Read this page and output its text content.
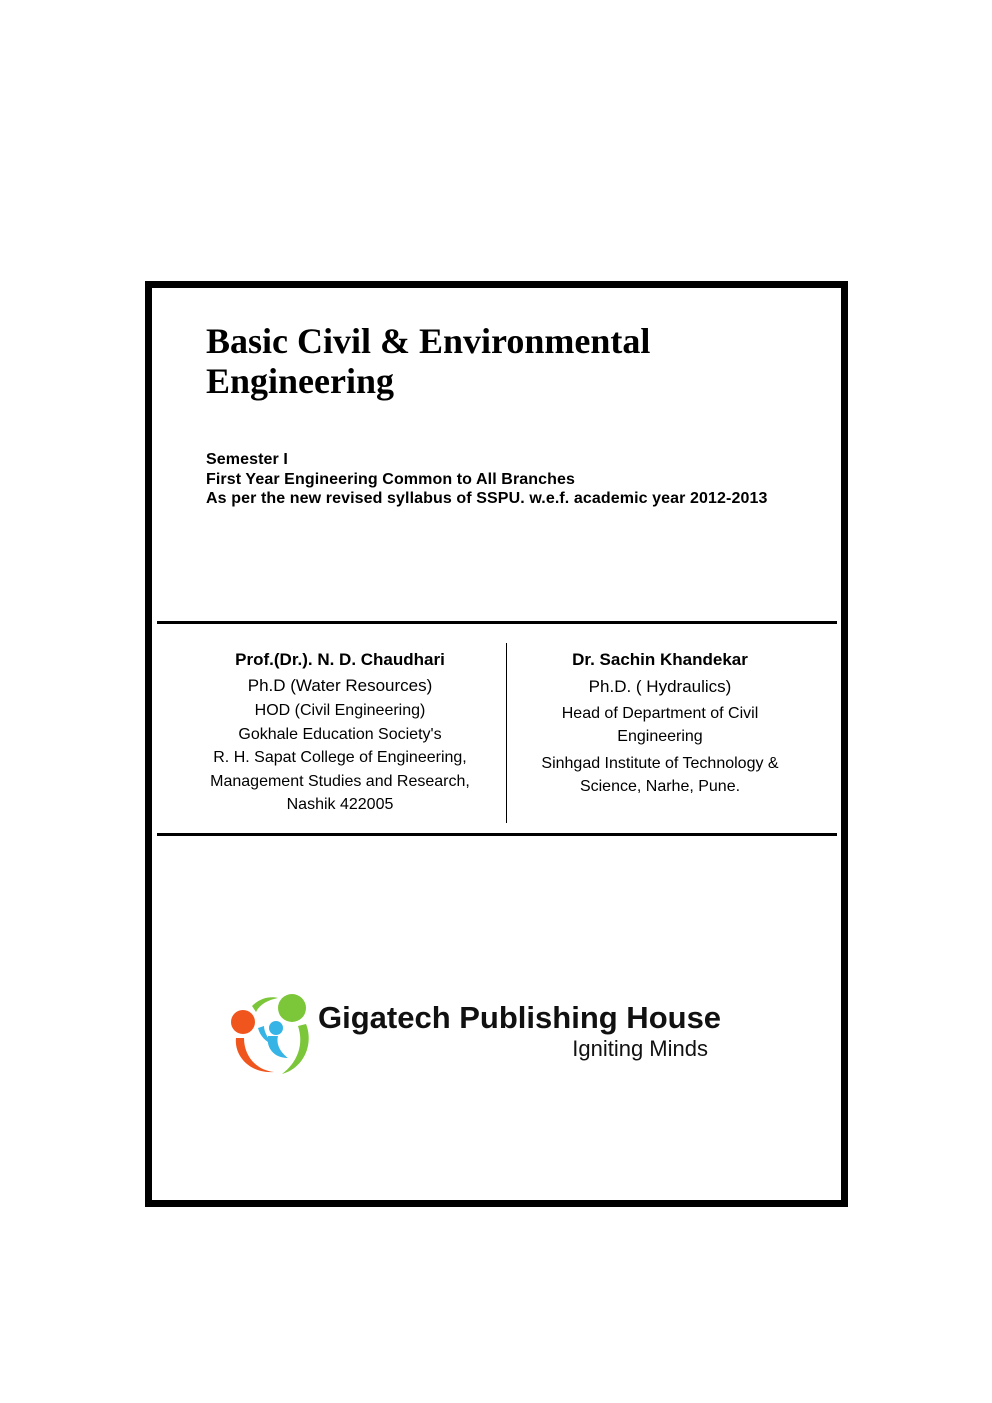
Basic Civil & Environmental
Engineering
Semester I
First Year Engineering Common to All Branches
As per the new revised syllabus of SSPU. w.e.f. academic year 2012-2013
Prof.(Dr.). N. D. Chaudhari
Ph.D (Water Resources)
HOD (Civil Engineering)
Gokhale Education Society's
R. H. Sapat College of Engineering,
Management Studies and Research,
Nashik 422005
Dr. Sachin Khandekar
Ph.D. ( Hydraulics)
Head of Department of Civil
Engineering
Sinhgad Institute of Technology &
Science, Narhe, Pune.
Gigatech Publishing House
Igniting Minds
